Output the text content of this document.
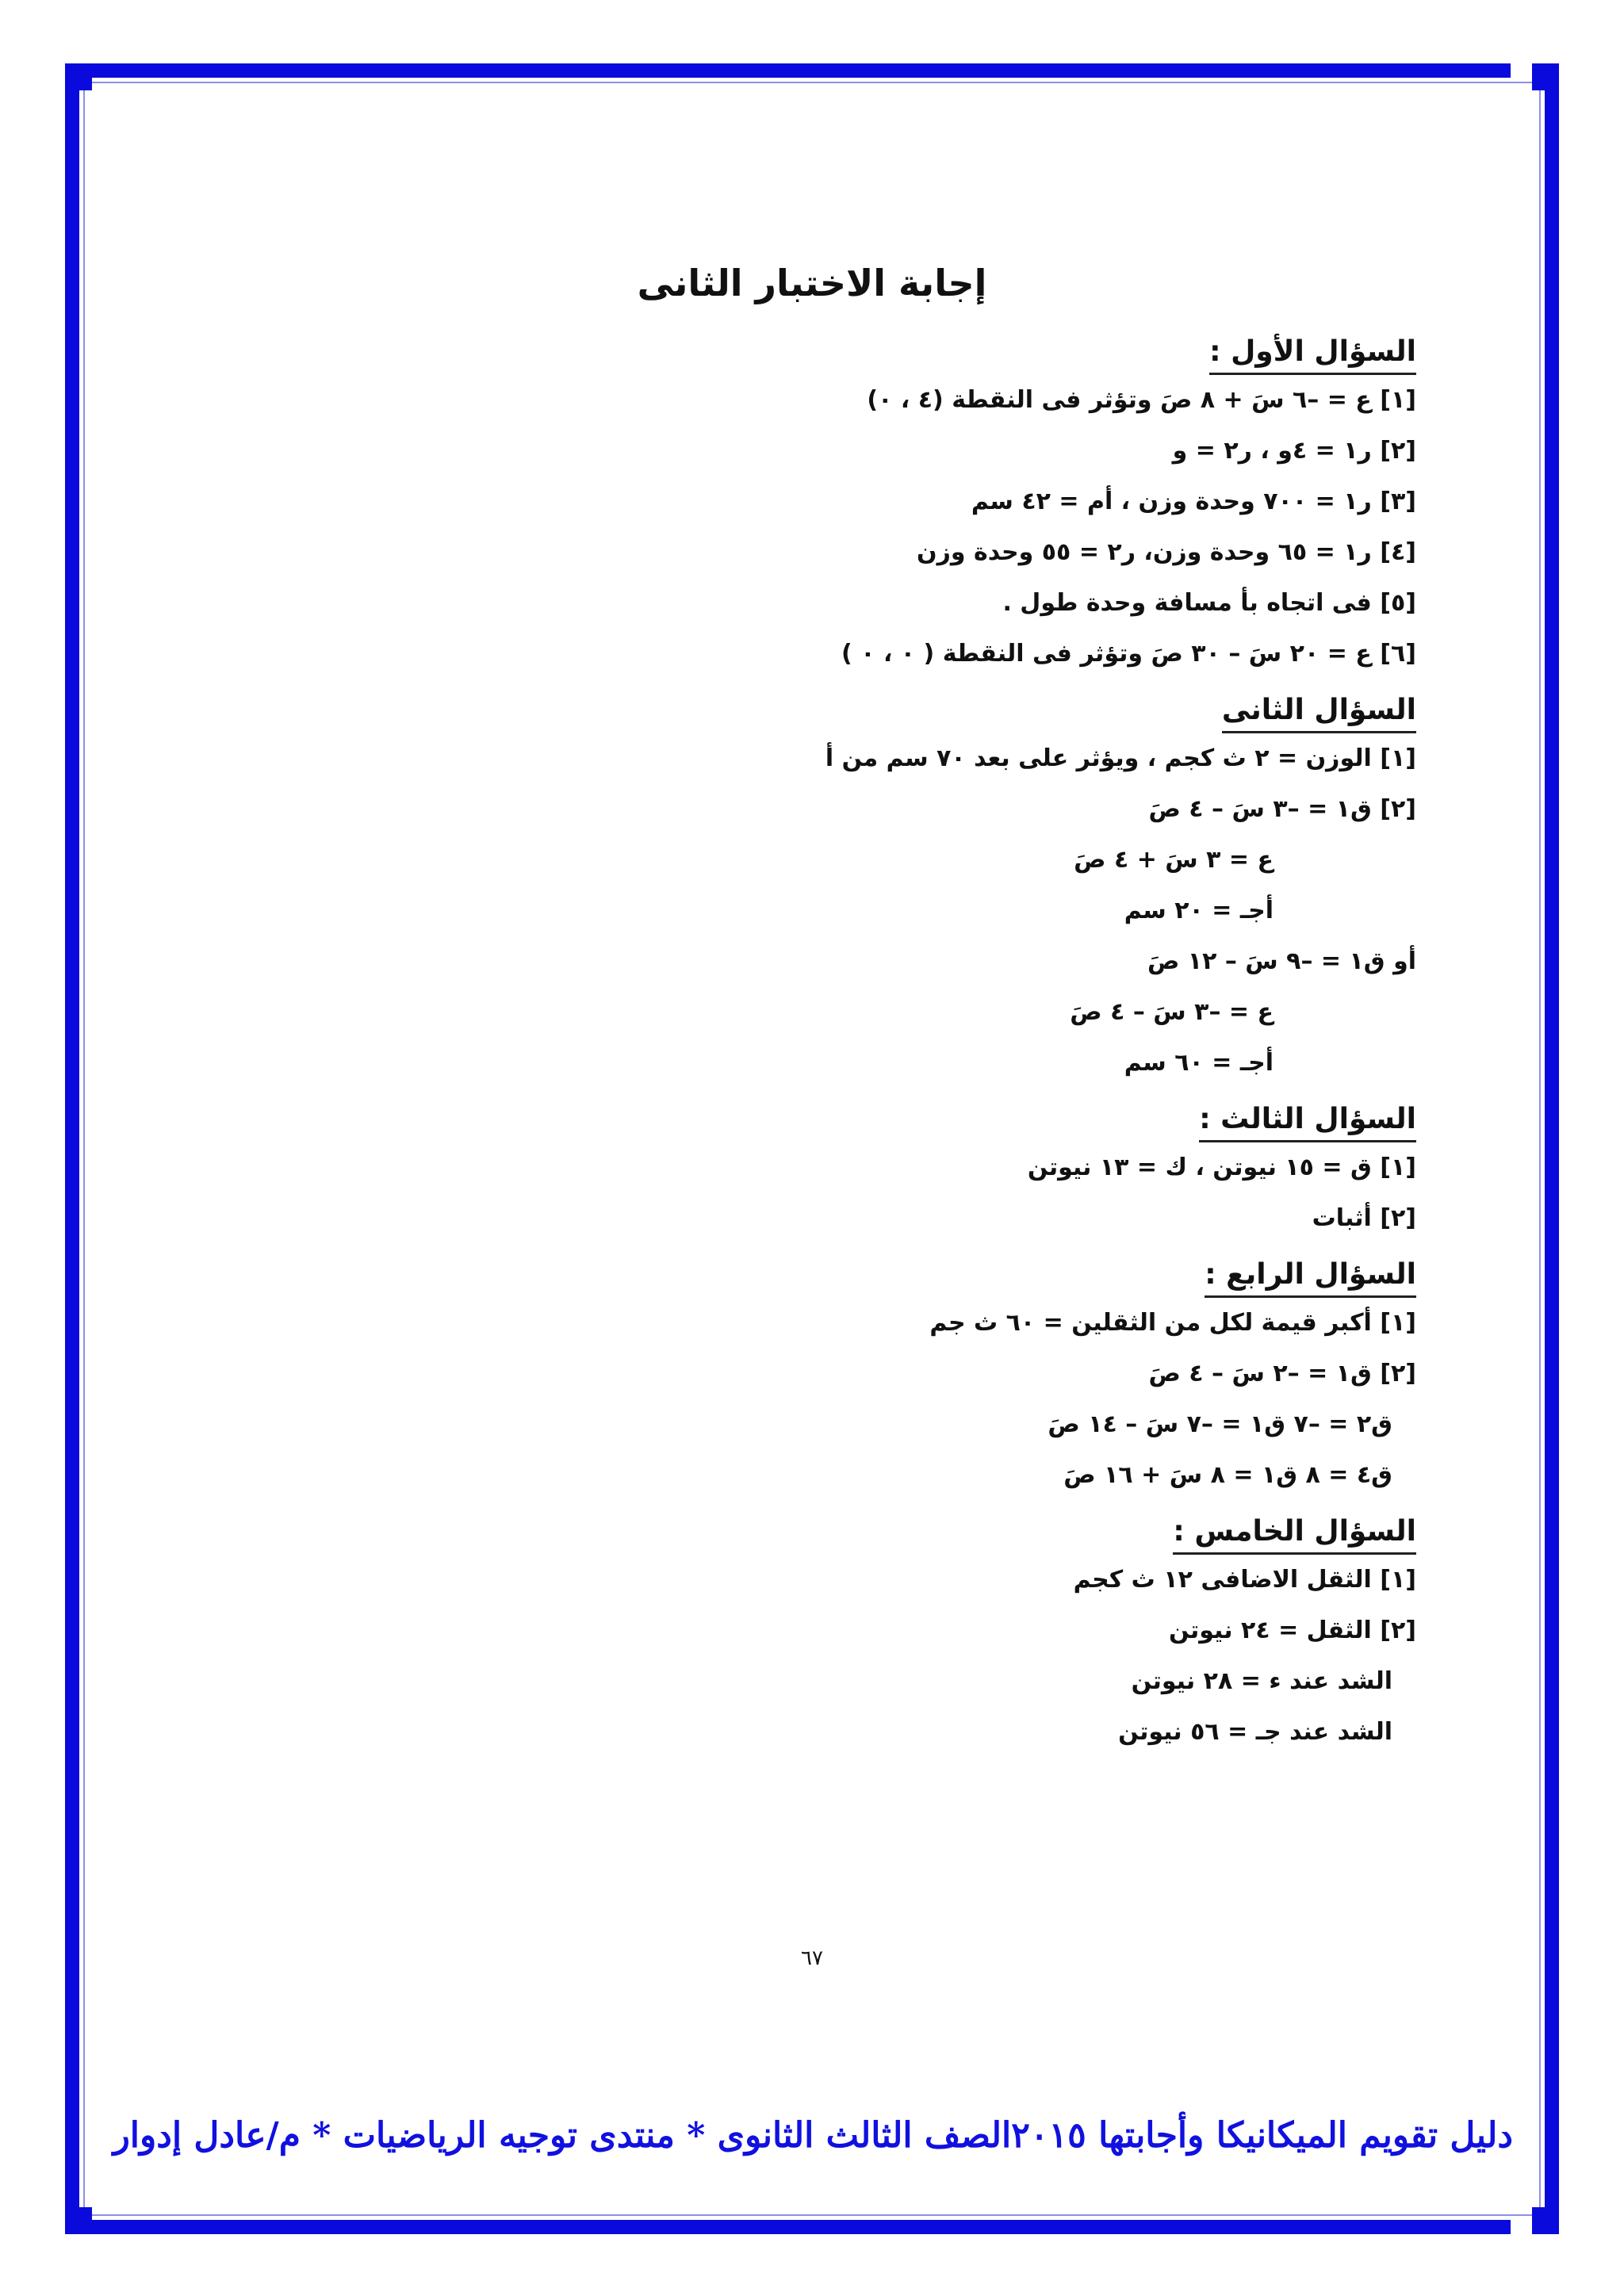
إجابة الاختبار الثانى
السؤال الأول :

[١] ع = –٦ سَ + ٨ صَ وتؤثر فى النقطة (٤ ، ٠)

[٢] ر١ = ٤و ، ر٢ = و

[٣] ر١ = ٧٠٠ وحدة وزن ، أم = ٤٢ سم

[٤] ر١ = ٦٥ وحدة وزن، ر٢ = ٥٥ وحدة وزن

[٥] فى اتجاه بأ مسافة وحدة طول .

[٦] ع = ٢٠ سَ – ٣٠ صَ وتؤثر فى النقطة ( ٠ ، ٠ )

السؤال الثانى

[١] الوزن = ٢ ث كجم ، ويؤثر على بعد ٧٠ سم من أ

[٢] ق١ = –٣ سَ – ٤ صَ

ع = ٣ سَ + ٤ صَ

أجـ = ٢٠ سم

أو ق١ = –٩ سَ – ١٢ صَ

ع = –٣ سَ – ٤ صَ

أجـ = ٦٠ سم

السؤال الثالث :

[١] ق = ١٥ نيوتن ، ك = ١٣ نيوتن

[٢] أثبات

السؤال الرابع :

[١] أكبر قيمة لكل من الثقلين = ٦٠ ث جم

[٢] ق١ = –٢ سَ – ٤ صَ

ق٢ = –٧ ق١ = –٧ سَ – ١٤ صَ

ق٤ = ٨ ق١ = ٨ سَ + ١٦ صَ

السؤال الخامس :

[١] الثقل الاضافى ١٢ ث كجم

[٢] الثقل = ٢٤ نيوتن

الشد عند ء = ٢٨ نيوتن

الشد عند جـ = ٥٦ نيوتن

٦٧
دليل تقويم الميكانيكا وأجابتها ٢٠١٥الصف الثالث الثانوى * منتدى توجيه الرياضيات * م/عادل إدوار
